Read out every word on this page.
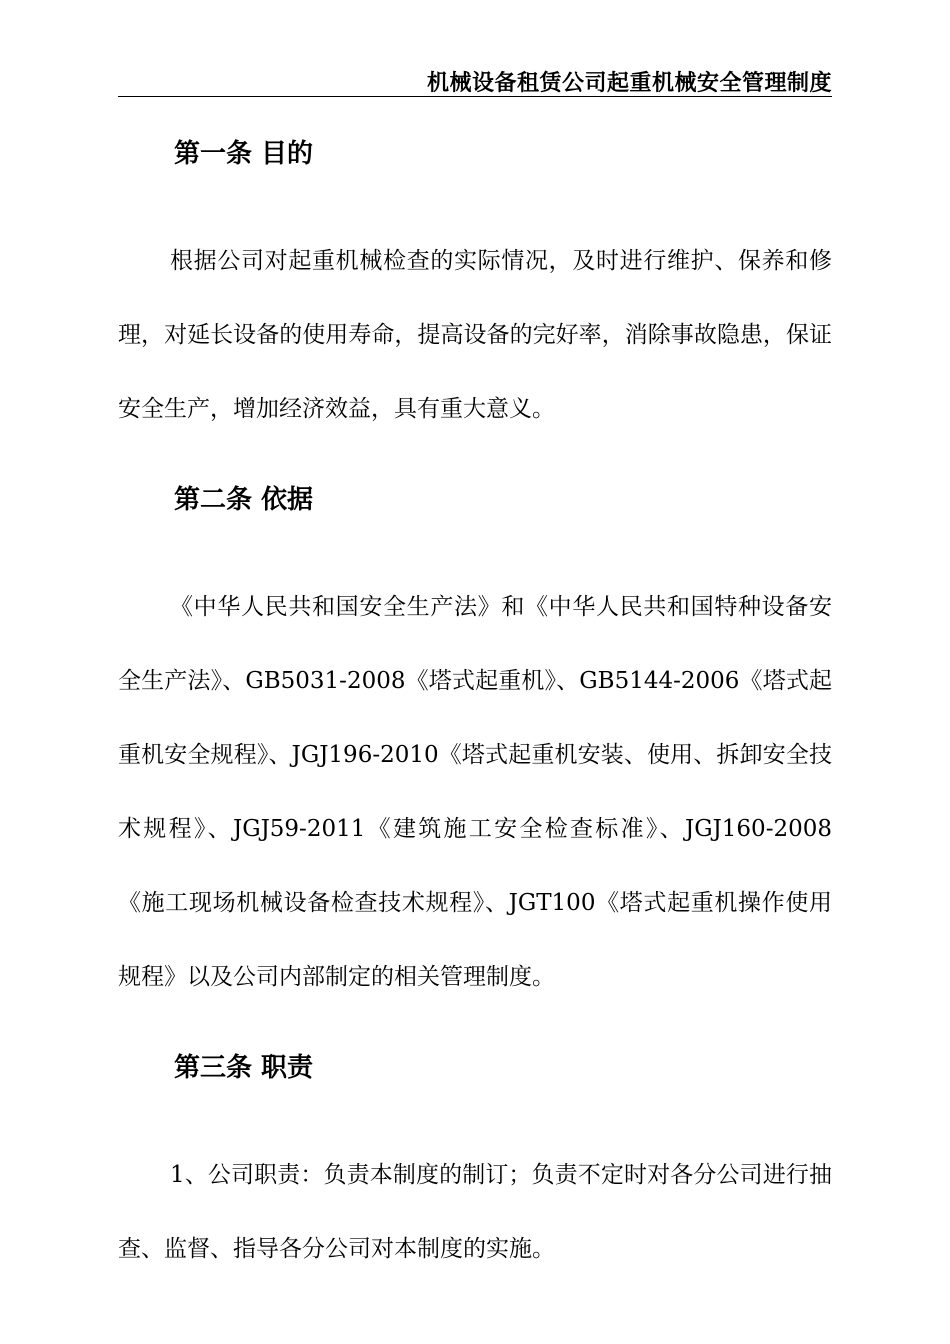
机械设备租赁公司起重机械安全管理制度
第一条 目的

根据公司对起重机械检查的实际情况，及时进行维护、保养和修理，对延长设备的使用寿命，提高设备的完好率，消除事故隐患，保证安全生产，增加经济效益，具有重大意义。

第二条 依据

《中华人民共和国安全生产法》和《中华人民共和国特种设备安全生产法》、GB5031-2008《塔式起重机》、GB5144-2006《塔式起重机安全规程》、JGJ196-2010《塔式起重机安装、使用、拆卸安全技术规程》、JGJ59-2011《建筑施工安全检查标准》、JGJ160-2008《施工现场机械设备检查技术规程》、JGT100《塔式起重机操作使用规程》以及公司内部制定的相关管理制度。

第三条 职责

1、公司职责：负责本制度的制订；负责不定时对各分公司进行抽查、监督、指导各分公司对本制度的实施。
